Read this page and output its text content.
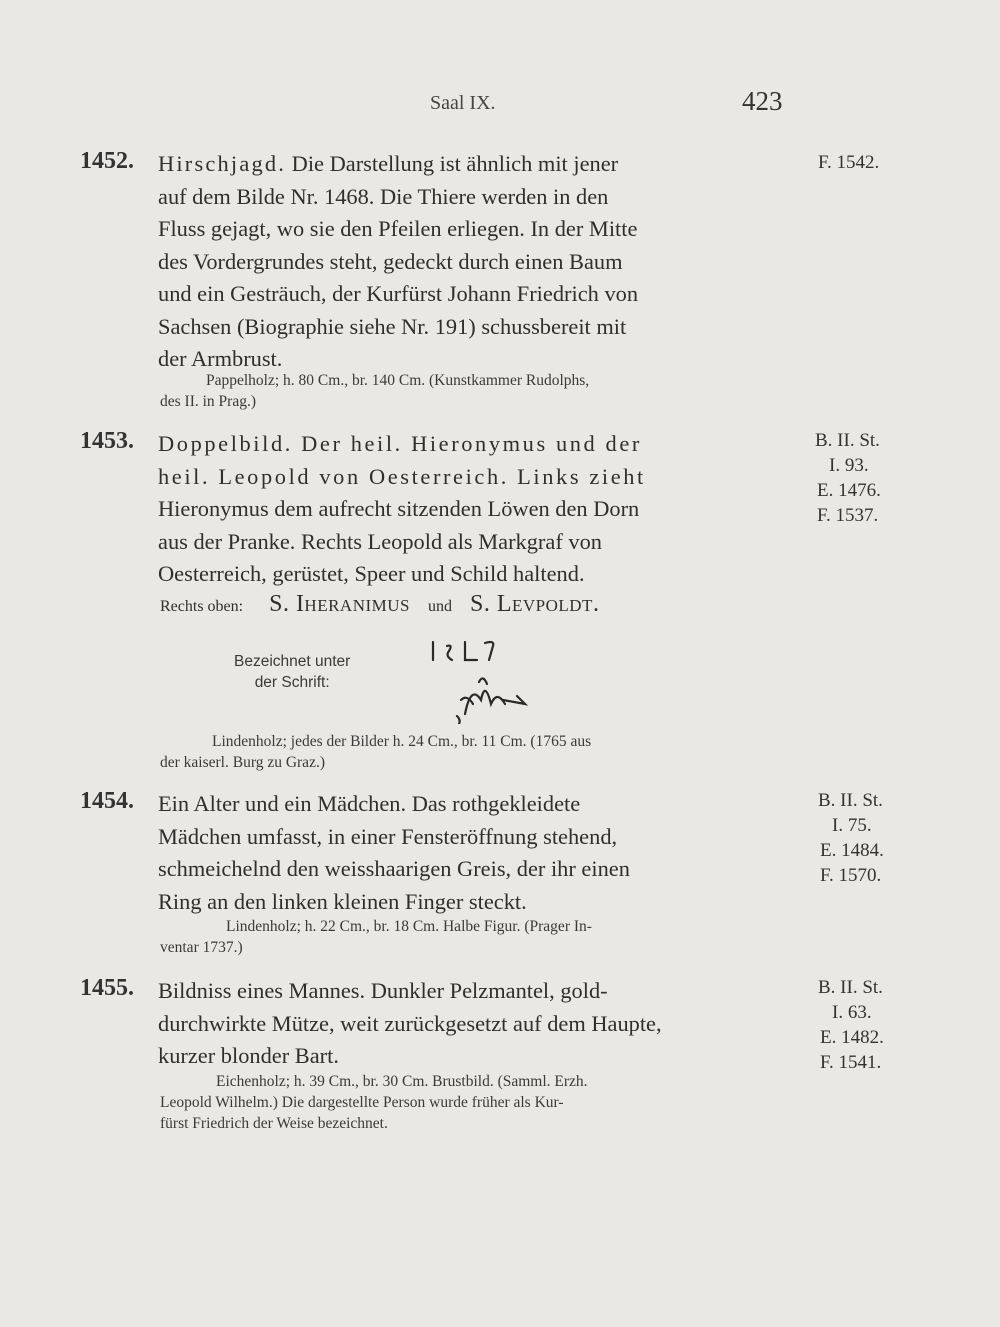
Saal IX.	423
1452. Hirschjagd. Die Darstellung ist ähnlich mit jener
auf dem Bilde Nr. 1468. Die Thiere werden in den
Fluss gejagt, wo sie den Pfeilen erliegen. In der Mitte
des Vordergrundes steht, gedeckt durch einen Baum
und ein Gesträuch, der Kurfürst Johann Friedrich von
Sachsen (Biographie siehe Nr. 191) schussbereit mit
der Armbrust.
Pappelholz; h. 80 Cm., br. 140 Cm. (Kunstkammer Rudolphs,
des II. in Prag.)
F. 1542.
1453. Doppelbild. Der heil. Hieronymus und der
heil. Leopold von Oesterreich. Links zieht
Hieronymus dem aufrecht sitzenden Löwen den Dorn
aus der Pranke. Rechts Leopold als Markgraf von
Oesterreich, gerüstet, Speer und Schild haltend.
B. II. St.
I. 93.
E. 1476.
F. 1537.
Rechts oben: S. Iheranimus und S. Levpoldt.
Bezeichnet unter
der Schrift:
Lindenholz; jedes der Bilder h. 24 Cm., br. 11 Cm. (1765 aus
der kaiserl. Burg zu Graz.)
1454. Ein Alter und ein Mädchen. Das rothgekleidete
Mädchen umfasst, in einer Fensteröffnung stehend,
schmeichelnd den weisshaarigen Greis, der ihr einen
Ring an den linken kleinen Finger steckt.
Lindenholz; h. 22 Cm., br. 18 Cm. Halbe Figur. (Prager In-
ventar 1737.)
B. II. St.
I. 75.
E. 1484.
F. 1570.
1455. Bildniss eines Mannes. Dunkler Pelzmantel, gold-
durchwirkte Mütze, weit zurückgesetzt auf dem Haupte,
kurzer blonder Bart.
Eichenholz; h. 39 Cm., br. 30 Cm. Brustbild. (Samml. Erzh.
Leopold Wilhelm.) Die dargestellte Person wurde früher als Kur-
fürst Friedrich der Weise bezeichnet.
B. II. St.
I. 63.
E. 1482.
F. 1541.
